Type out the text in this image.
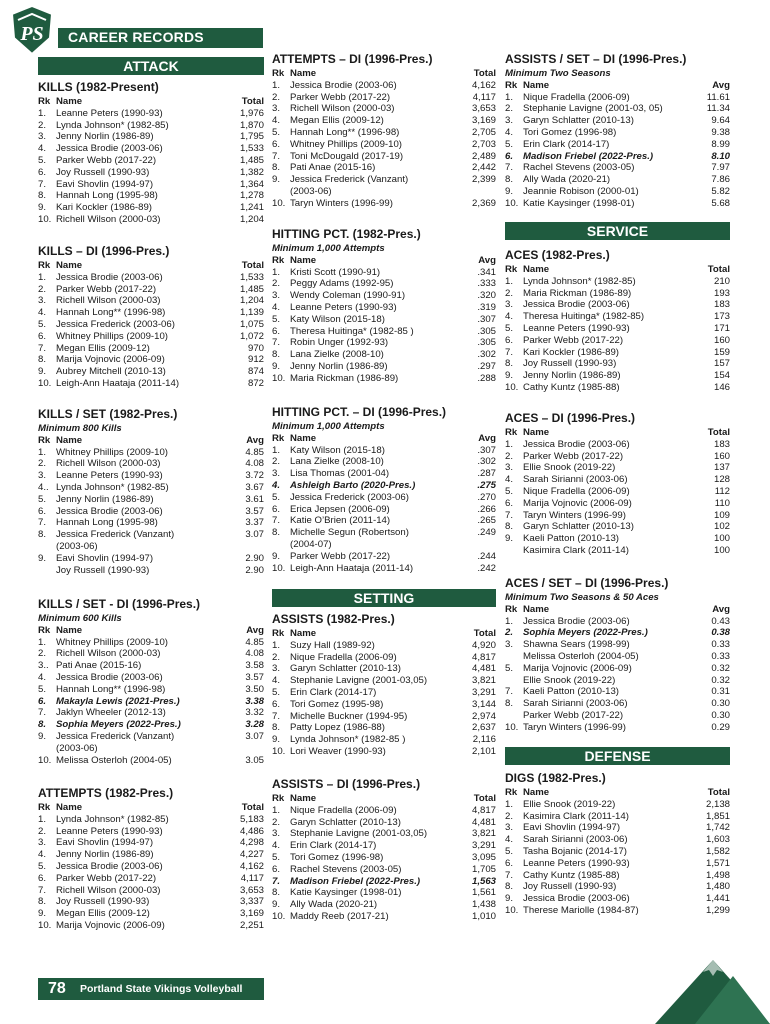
PS CAREER RECORDS
ATTACK
SETTING
SERVICE
DEFENSE
KILLS (1982-Present)
Rk Name	Total
1. Leanne Peters (1990-93)	1,976
2. Lynda Johnson* (1982-85)	1,870
3. Jenny Norlin (1986-89)	1,795
4. Jessica Brodie (2003-06)	1,533
5. Parker Webb (2017-22)	1,485
6. Joy Russell (1990-93)	1,382
7. Eavi Shovlin (1994-97)	1,364
8. Hannah Long (1995-98)	1,278
9. Kari Kockler (1986-89)	1,241
10. Richell Wilson (2000-03)	1,204
KILLS – DI (1996-Pres.)
Rk Name	Total
1. Jessica Brodie (2003-06)	1,533
2. Parker Webb (2017-22)	1,485
3. Richell Wilson (2000-03)	1,204
4. Hannah Long** (1996-98)	1,139
5. Jessica Frederick (2003-06)	1,075
6. Whitney Phillips (2009-10)	1,072
7. Megan Ellis (2009-12)	970
8. Marija Vojnovic (2006-09)	912
9. Aubrey Mitchell (2010-13)	874
10. Leigh-Ann Haataja (2011-14)	872
KILLS / SET (1982-Pres.)
Minimum 800 Kills
Rk Name	Avg
1. Whitney Phillips (2009-10)	4.85
2. Richell Wilson (2000-03)	4.08
3. Leanne Peters (1990-93)	3.72
4.. Lynda Johnson* (1982-85)	3.67
5. Jenny Norlin (1986-89)	3.61
6. Jessica Brodie (2003-06)	3.57
7. Hannah Long (1995-98)	3.37
8. Jessica Frederick (Vanzant)	3.07
(2003-06)
9. Eavi Shovlin (1994-97)	2.90
Joy Russell (1990-93)	2.90
KILLS / SET - DI (1996-Pres.)
Minimum 600 Kills
Rk Name	Avg
1. Whitney Phillips (2009-10)	4.85
2. Richell Wilson (2000-03)	4.08
3.. Pati Anae (2015-16)	3.58
4. Jessica Brodie (2003-06)	3.57
5. Hannah Long** (1996-98)	3.50
6. Makayla Lewis (2021-Pres.)	3.38
7. Jaklyn Wheeler (2012-13)	3.32
8. Sophia Meyers (2022-Pres.)	3.28
9. Jessica Frederick (Vanzant)	3.07
(2003-06)
10. Melissa Osterloh (2004-05)	3.05
ATTEMPTS (1982-Pres.)
Rk Name	Total
1. Lynda Johnson* (1982-85)	5,183
2. Leanne Peters (1990-93)	4,486
3. Eavi Shovlin (1994-97)	4,298
4. Jenny Norlin (1986-89)	4,227
5. Jessica Brodie (2003-06)	4,162
6. Parker Webb (2017-22)	4,117
7. Richell Wilson (2000-03)	3,653
8. Joy Russell (1990-93)	3,337
9. Megan Ellis (2009-12)	3,169
10. Marija Vojnovic (2006-09)	2,251
ATTEMPTS – DI (1996-Pres.)
Rk Name	Total
1. Jessica Brodie (2003-06)	4,162
2. Parker Webb (2017-22)	4,117
3. Richell Wilson (2000-03)	3,653
4. Megan Ellis (2009-12)	3,169
5. Hannah Long** (1996-98)	2,705
6. Whitney Phillips (2009-10)	2,703
7. Toni McDougald (2017-19)	2,489
8. Pati Anae (2015-16)	2,442
9. Jessica Frederick (Vanzant)	2,399
(2003-06)
10. Taryn Winters (1996-99)	2,369
HITTING PCT. (1982-Pres.)
Minimum 1,000 Attempts
Rk Name	Avg
1. Kristi Scott (1990-91)	.341
2. Peggy Adams (1992-95)	.333
3. Wendy Coleman (1990-91)	.320
4. Leanne Peters (1990-93)	.319
5. Katy Wilson (2015-18)	.307
6. Theresa Huitinga* (1982-85 )	.305
7. Robin Unger (1992-93)	.305
8. Lana Zielke (2008-10)	.302
9. Jenny Norlin (1986-89)	.297
10. Maria Rickman (1986-89)	.288
HITTING PCT. – DI (1996-Pres.)
Minimum 1,000 Attempts
Rk Name	Avg
1. Katy Wilson (2015-18)	.307
2. Lana Zielke (2008-10)	.302
3. Lisa Thomas (2001-04)	.287
4. Ashleigh Barto (2020-Pres.)	.275
5. Jessica Frederick (2003-06)	.270
6. Erica Jepsen (2006-09)	.266
7. Katie O’Brien (2011-14)	.265
8. Michelle Segun (Robertson)	.249
(2004-07)
9. Parker Webb (2017-22)	.244
10. Leigh-Ann Haataja (2011-14)	.242
ASSISTS (1982-Pres.)
Rk Name	Total
1. Suzy Hall (1989-92)	4,920
2. Nique Fradella (2006-09)	4,817
3. Garyn Schlatter (2010-13)	4,481
4. Stephanie Lavigne (2001-03,05)	3,821
5. Erin Clark (2014-17)	3,291
6. Tori Gomez (1995-98)	3,144
7. Michelle Buckner (1994-95)	2,974
8. Patty Lopez (1986-88)	2,637
9. Lynda Johnson* (1982-85 )	2,116
10. Lori Weaver (1990-93)	2,101
ASSISTS – DI (1996-Pres.)
Rk Name	Total
1. Nique Fradella (2006-09)	4,817
2. Garyn Schlatter (2010-13)	4,481
3. Stephanie Lavigne (2001-03,05)	3,821
4. Erin Clark (2014-17)	3,291
5. Tori Gomez (1996-98)	3,095
6. Rachel Stevens (2003-05)	1,705
7. Madison Friebel (2022-Pres.)	1,563
8. Katie Kaysinger (1998-01)	1,561
9. Ally Wada (2020-21)	1,438
10. Maddy Reeb (2017-21)	1,010
ASSISTS / SET – DI (1996-Pres.)
Minimum Two Seasons
Rk Name	Avg
1. Nique Fradella (2006-09)	11.61
2. Stephanie Lavigne (2001-03, 05)	11.34
3. Garyn Schlatter (2010-13)	9.64
4. Tori Gomez (1996-98)	9.38
5. Erin Clark (2014-17)	8.99
6. Madison Friebel (2022-Pres.)	8.10
7. Rachel Stevens (2003-05)	7.97
8. Ally Wada (2020-21)	7.86
9. Jeannie Robison (2000-01)	5.82
10. Katie Kaysinger (1998-01)	5.68
ACES (1982-Pres.)
Rk Name	Total
1. Lynda Johnson* (1982-85)	210
2. Maria Rickman (1986-89)	193
3. Jessica Brodie (2003-06)	183
4. Theresa Huitinga* (1982-85)	173
5. Leanne Peters (1990-93)	171
6. Parker Webb (2017-22)	160
7. Kari Kockler (1986-89)	159
8. Joy Russell (1990-93)	157
9. Jenny Norlin (1986-89)	154
10. Cathy Kuntz (1985-88)	146
ACES – DI (1996-Pres.)
Rk Name	Total
1. Jessica Brodie (2003-06)	183
2. Parker Webb (2017-22)	160
3. Ellie Snook (2019-22)	137
4. Sarah Sirianni (2003-06)	128
5. Nique Fradella (2006-09)	112
6. Marija Vojnovic (2006-09)	110
7. Taryn Winters (1996-99)	109
8. Garyn Schlatter (2010-13)	102
9. Kaeli Patton (2010-13)	100
Kasimira Clark (2011-14)	100
ACES / SET – DI (1996-Pres.)
Minimum Two Seasons & 50 Aces
Rk Name	Avg
1. Jessica Brodie (2003-06)	0.43
2. Sophia Meyers (2022-Pres.)	0.38
3. Shawna Sears (1998-99)	0.33
Melissa Osterloh (2004-05)	0.33
5. Marija Vojnovic (2006-09)	0.32
Ellie Snook (2019-22)	0.32
7. Kaeli Patton (2010-13)	0.31
8. Sarah Sirianni (2003-06)	0.30
Parker Webb (2017-22)	0.30
10. Taryn Winters (1996-99)	0.29
DIGS (1982-Pres.)
Rk Name	Total
1. Ellie Snook (2019-22)	2,138
2. Kasimira Clark (2011-14)	1,851
3. Eavi Shovlin (1994-97)	1,742
4. Sarah Sirianni (2003-06)	1,603
5. Tasha Bojanic (2014-17)	1,582
6. Leanne Peters (1990-93)	1,571
7. Cathy Kuntz (1985-88)	1,498
8. Joy Russell (1990-93)	1,480
9. Jessica Brodie (2003-06)	1,441
10. Therese Mariolle (1984-87)	1,299
78 Portland State Vikings Volleyball
